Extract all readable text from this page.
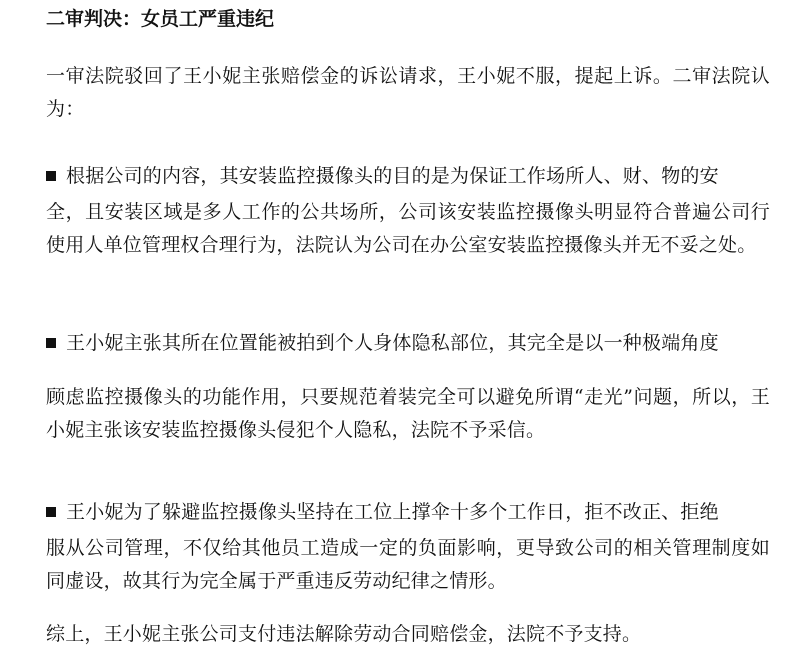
二审判决：女员工严重违纪
一审法院驳回了王小妮主张赔偿金的诉讼请求，王小妮不服，提起上诉。二审法院认为：
根据公司的内容，其安装监控摄像头的目的是为保证工作场所人、财、物的安
全，且安装区域是多人工作的公共场所，公司该安装监控摄像头明显符合普遍公司行使用人单位管理权合理行为，法院认为公司在办公室安装监控摄像头并无不妥之处。
王小妮主张其所在位置能被拍到个人身体隐私部位，其完全是以一种极端角度
顾虑监控摄像头的功能作用，只要规范着装完全可以避免所谓“走光”问题，所以，王小妮主张该安装监控摄像头侵犯个人隐私，法院不予采信。
王小妮为了躲避监控摄像头坚持在工位上撑伞十多个工作日，拒不改正、拒绝
服从公司管理，不仅给其他员工造成一定的负面影响，更导致公司的相关管理制度如同虚设，故其行为完全属于严重违反劳动纪律之情形。
综上，王小妮主张公司支付违法解除劳动合同赔偿金，法院不予支持。
